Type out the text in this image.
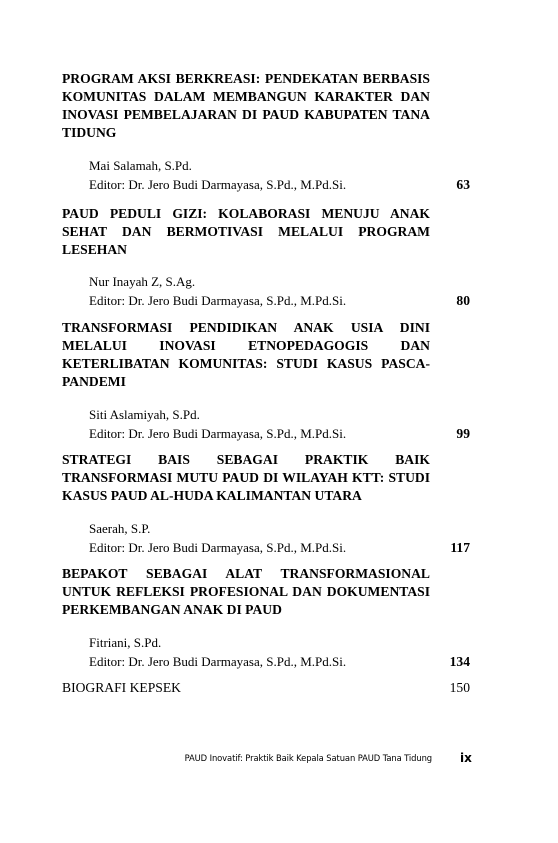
PROGRAM AKSI BERKREASI: PENDEKATAN BERBASIS KOMUNITAS DALAM MEMBANGUN KARAKTER DAN INOVASI PEMBELAJARAN DI PAUD KABUPATEN TANA TIDUNG
63
Mai Salamah, S.Pd.
Editor: Dr. Jero Budi Darmayasa, S.Pd., M.Pd.Si.
PAUD PEDULI GIZI: KOLABORASI MENUJU ANAK SEHAT DAN BERMOTIVASI MELALUI PROGRAM LESEHAN
80
Nur Inayah Z, S.Ag.
Editor: Dr. Jero Budi Darmayasa, S.Pd., M.Pd.Si.
TRANSFORMASI PENDIDIKAN ANAK USIA DINI MELALUI INOVASI ETNOPEDAGOGIS DAN KETERLIBATAN KOMUNITAS: STUDI KASUS PASCA-PANDEMI
99
Siti Aslamiyah, S.Pd.
Editor: Dr. Jero Budi Darmayasa, S.Pd., M.Pd.Si.
STRATEGI BAIS SEBAGAI PRAKTIK BAIK TRANSFORMASI MUTU PAUD DI WILAYAH KTT: STUDI KASUS PAUD AL-HUDA KALIMANTAN UTARA
117
Saerah, S.P.
Editor: Dr. Jero Budi Darmayasa, S.Pd., M.Pd.Si.
BEPAKOT SEBAGAI ALAT TRANSFORMASIONAL UNTUK REFLEKSI PROFESIONAL DAN DOKUMENTASI PERKEMBANGAN ANAK DI PAUD
134
Fitriani, S.Pd.
Editor: Dr. Jero Budi Darmayasa, S.Pd., M.Pd.Si.
BIOGRAFI KEPSEK	150
PAUD Inovatif: Praktik Baik Kepala Satuan PAUD Tana Tidung ix
